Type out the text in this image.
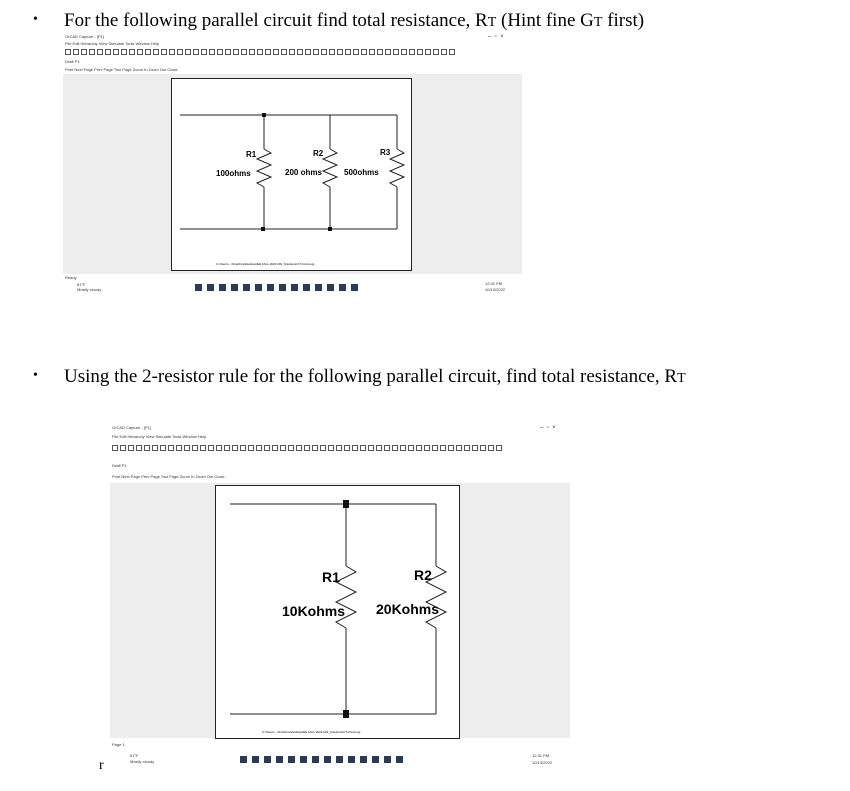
• For the following parallel circuit find total resistance, RT (Hint fine GT first)
OrCAD Capture - [P1]	–  ▫  ×
File Edit Hierarchy View Simulate Tools Window Help
Draft P1
Print Next Page Prev Page Two Page Zoom In Zoom Out Close
R1
100ohms
R2
200 ohms
R3
500ohms
C:\Users\...\OneDrive\Desktop\EE FALL 2022 HW_Solutions\CT.circuit.opj
Ready
61°F
Mostly cloudy
12:31 PM
10/13/2022
• Using the 2-resistor rule for the following parallel circuit, find total resistance, RT
OrCAD Capture - [P1]	–  ▫  ×
File Edit Hierarchy View Simulate Tools Window Help
Draft P1
Print Next Page Prev Page Two Page Zoom In Zoom Out Close
R1
10Kohms
R2
20Kohms
C:\Users\...\OneDrive\Desktop\EE FALL 2022 HW_Solutions\CT.circuit.opj
Page 1
61°F
Mostly cloudy
12:31 PM
10/13/2022
r
